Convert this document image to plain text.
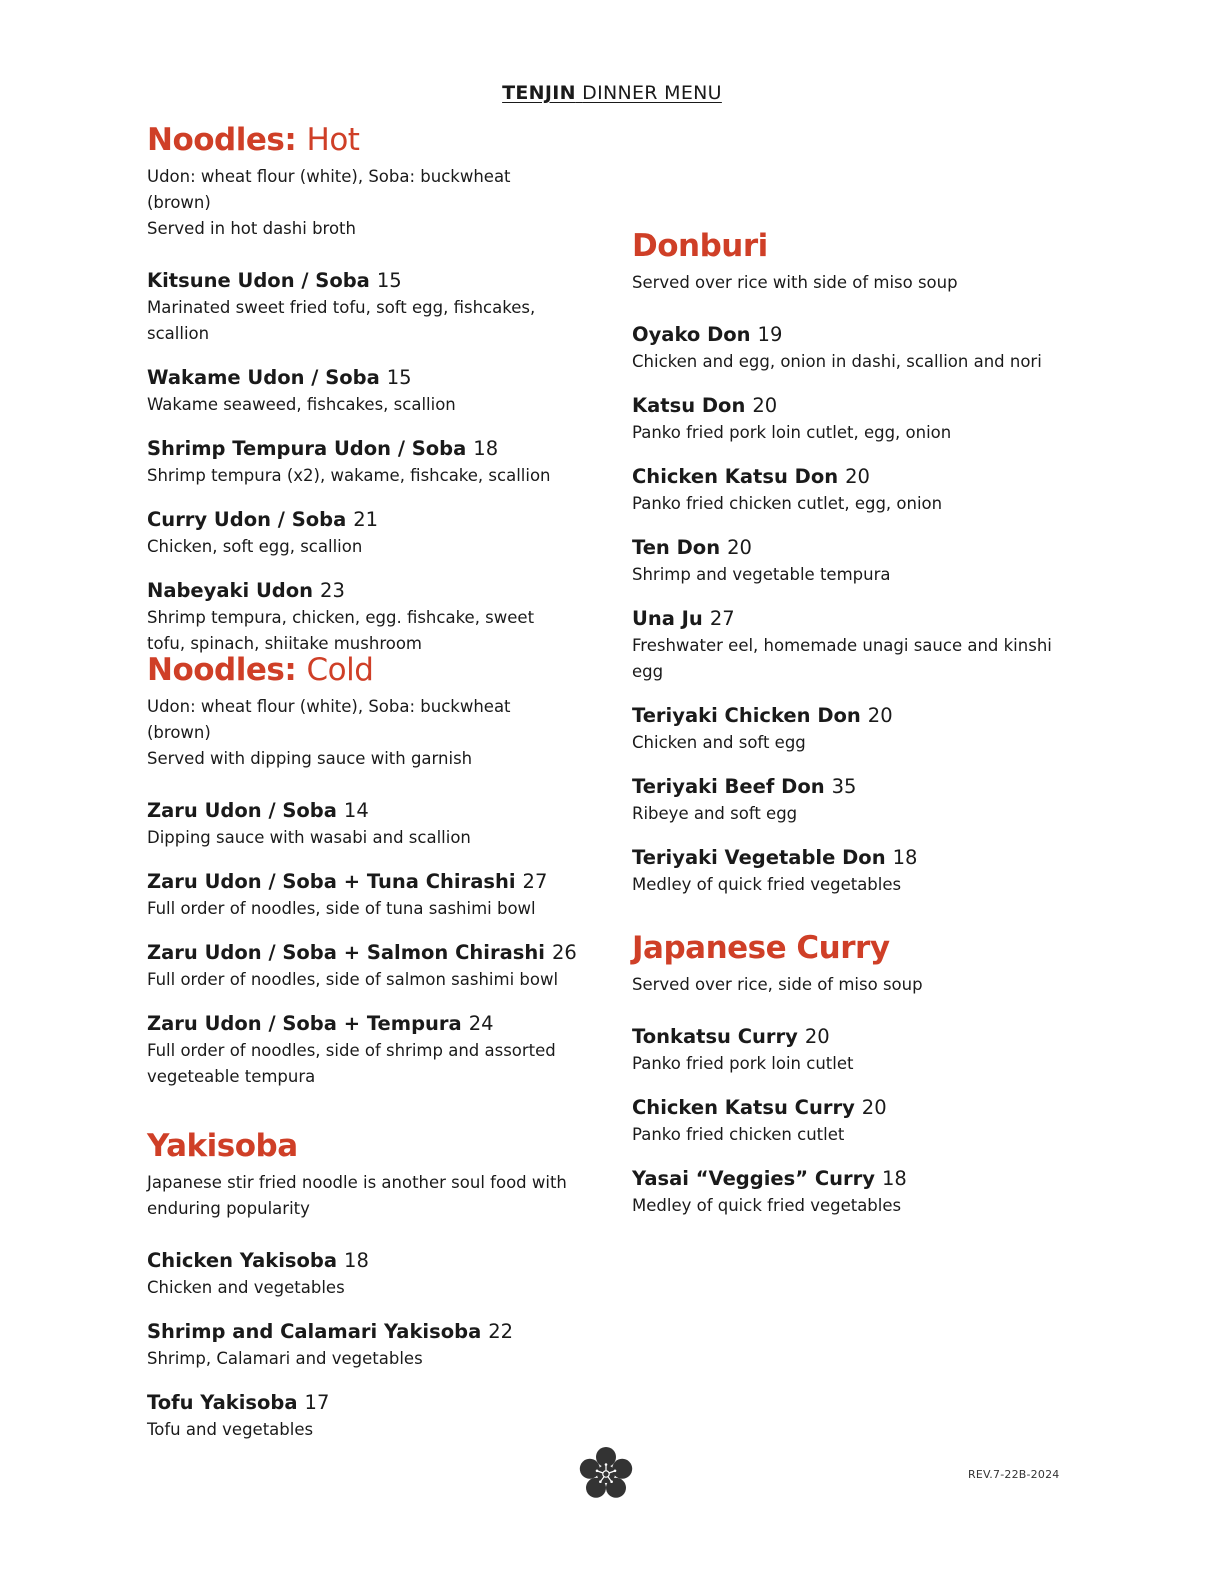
TENJIN DINNER MENU
Noodles: Hot
Udon: wheat flour (white), Soba: buckwheat (brown)
Served in hot dashi broth
Kitsune Udon / Soba 15
Marinated sweet fried tofu, soft egg, fishcakes, scallion
Wakame Udon / Soba 15
Wakame seaweed, fishcakes, scallion
Shrimp Tempura Udon / Soba 18
Shrimp tempura (x2), wakame, fishcake, scallion
Curry Udon / Soba 21
Chicken, soft egg, scallion
Nabeyaki Udon 23
Shrimp tempura, chicken, egg. fishcake, sweet tofu, spinach, shiitake mushroom
Noodles: Cold
Udon: wheat flour (white), Soba: buckwheat (brown)
Served with dipping sauce with garnish
Zaru Udon / Soba 14
Dipping sauce with wasabi and scallion
Zaru Udon / Soba + Tuna Chirashi 27
Full order of noodles, side of tuna sashimi bowl
Zaru Udon / Soba + Salmon Chirashi 26
Full order of noodles, side of salmon sashimi bowl
Zaru Udon / Soba + Tempura 24
Full order of noodles, side of shrimp and assorted vegeteable tempura
Yakisoba
Japanese stir fried noodle is another soul food with enduring popularity
Chicken Yakisoba 18
Chicken and vegetables
Shrimp and Calamari Yakisoba 22
Shrimp, Calamari and vegetables
Tofu Yakisoba 17
Tofu and vegetables
Donburi
Served over rice with side of miso soup
Oyako Don 19
Chicken and egg, onion in dashi, scallion and nori
Katsu Don 20
Panko fried pork loin cutlet, egg, onion
Chicken Katsu Don 20
Panko fried chicken cutlet, egg, onion
Ten Don 20
Shrimp and vegetable tempura
Una Ju 27
Freshwater eel, homemade unagi sauce and kinshi egg
Teriyaki Chicken Don 20
Chicken and soft egg
Teriyaki Beef Don 35
Ribeye and soft egg
Teriyaki Vegetable Don 18
Medley of quick fried vegetables
Japanese Curry
Served over rice, side of miso soup
Tonkatsu Curry 20
Panko fried pork loin cutlet
Chicken Katsu Curry 20
Panko fried chicken cutlet
Yasai “Veggies” Curry 18
Medley of quick fried vegetables
REV.7-22B-2024
